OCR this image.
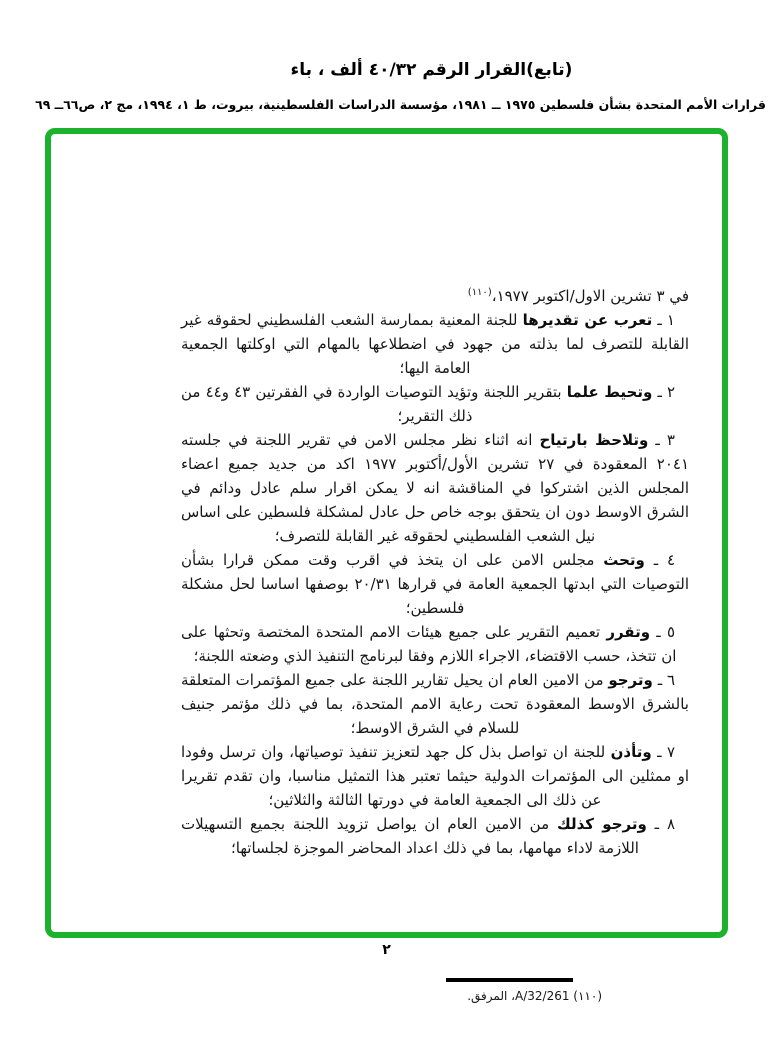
(تابع)القرار الرقم ٤٠/٣٢ ألف ، باء
قرارات الأمم المتحدة بشأن فلسطين ١٩٧٥ ــ ١٩٨١، مؤسسة الدراسات الفلسطينية، بيروت، ط ١، ١٩٩٤، مج ٢، ص٦٦ــ ٦٩

في ٣ تشرين الاول/اكتوبر ١٩٧٧،$^{(١١٠)}$

١ ـ تعرب عن تقديرها للجنة المعنية بممارسة الشعب الفلسطيني لحقوقه غير القابلة للتصرف لما بذلته من جهود في اضطلاعها بالمهام التي اوكلتها الجمعية العامة اليها؛

٢ ـ وتحيط علما بتقرير اللجنة وتؤيد التوصيات الواردة في الفقرتين ٤٣ و٤٤ من ذلك التقرير؛

٣ ـ وتلاحظ بارتياح انه اثناء نظر مجلس الامن في تقرير اللجنة في جلسته ٢٠٤١ المعقودة في ٢٧ تشرين الأول/أكتوبر ١٩٧٧ اكد من جديد جميع اعضاء المجلس الذين اشتركوا في المناقشة انه لا يمكن اقرار سلم عادل ودائم في الشرق الاوسط دون ان يتحقق بوجه خاص حل عادل لمشكلة فلسطين على اساس نيل الشعب الفلسطيني لحقوقه غير القابلة للتصرف؛

٤ ـ وتحث مجلس الامن على ان يتخذ في اقرب وقت ممكن قرارا بشأن التوصيات التي ابدتها الجمعية العامة في قرارها ٢٠/٣١ بوصفها اساسا لحل مشكلة فلسطين؛

٥ ـ وتقرر تعميم التقرير على جميع هيئات الامم المتحدة المختصة وتحثها على ان تتخذ، حسب الاقتضاء، الاجراء اللازم وفقا لبرنامج التنفيذ الذي وضعته اللجنة؛

٦ ـ وترجو من الامين العام ان يحيل تقارير اللجنة على جميع المؤتمرات المتعلقة بالشرق الاوسط المعقودة تحت رعاية الامم المتحدة، بما في ذلك مؤتمر جنيف للسلام في الشرق الاوسط؛

٧ ـ وتأذن للجنة ان تواصل بذل كل جهد لتعزيز تنفيذ توصياتها، وان ترسل وفودا او ممثلين الى المؤتمرات الدولية حيثما تعتبر هذا التمثيل مناسبا، وان تقدم تقريرا عن ذلك الى الجمعية العامة في دورتها الثالثة والثلاثين؛

٨ ـ وترجو كذلك من الامين العام ان يواصل تزويد اللجنة بجميع التسهيلات اللازمة لاداء مهامها، بما في ذلك اعداد المحاضر الموجزة لجلساتها؛

(١١٠) A/32/261، المرفق.
٢
